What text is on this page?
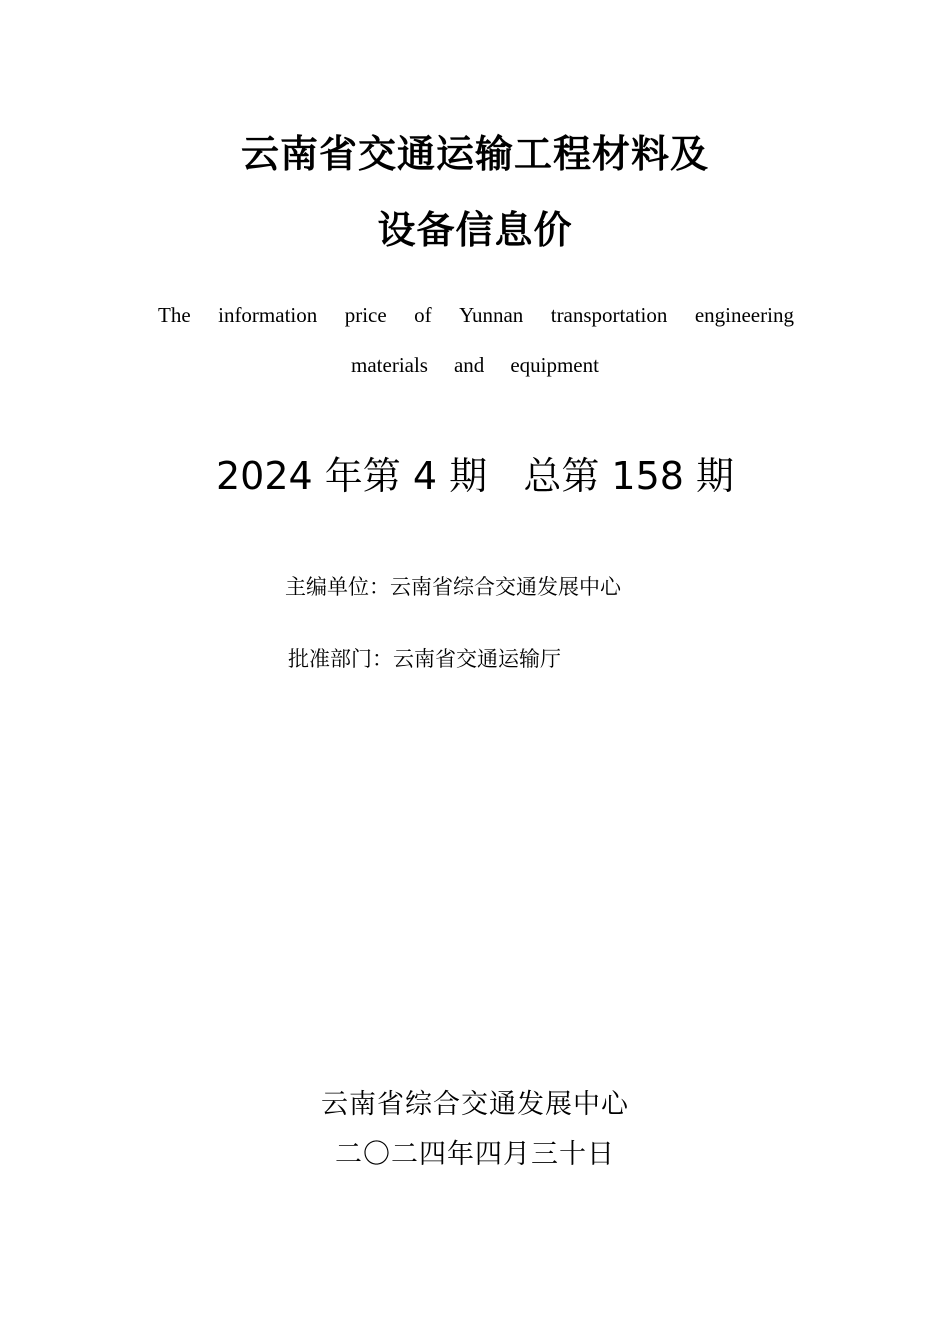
云南省交通运输工程材料及
设备信息价
The information price of Yunnan transportation engineering
materials and equipment
2024 年第 4 期   总第 158 期
主编单位：云南省综合交通发展中心
批准部门：云南省交通运输厅
云南省综合交通发展中心
二〇二四年四月三十日
